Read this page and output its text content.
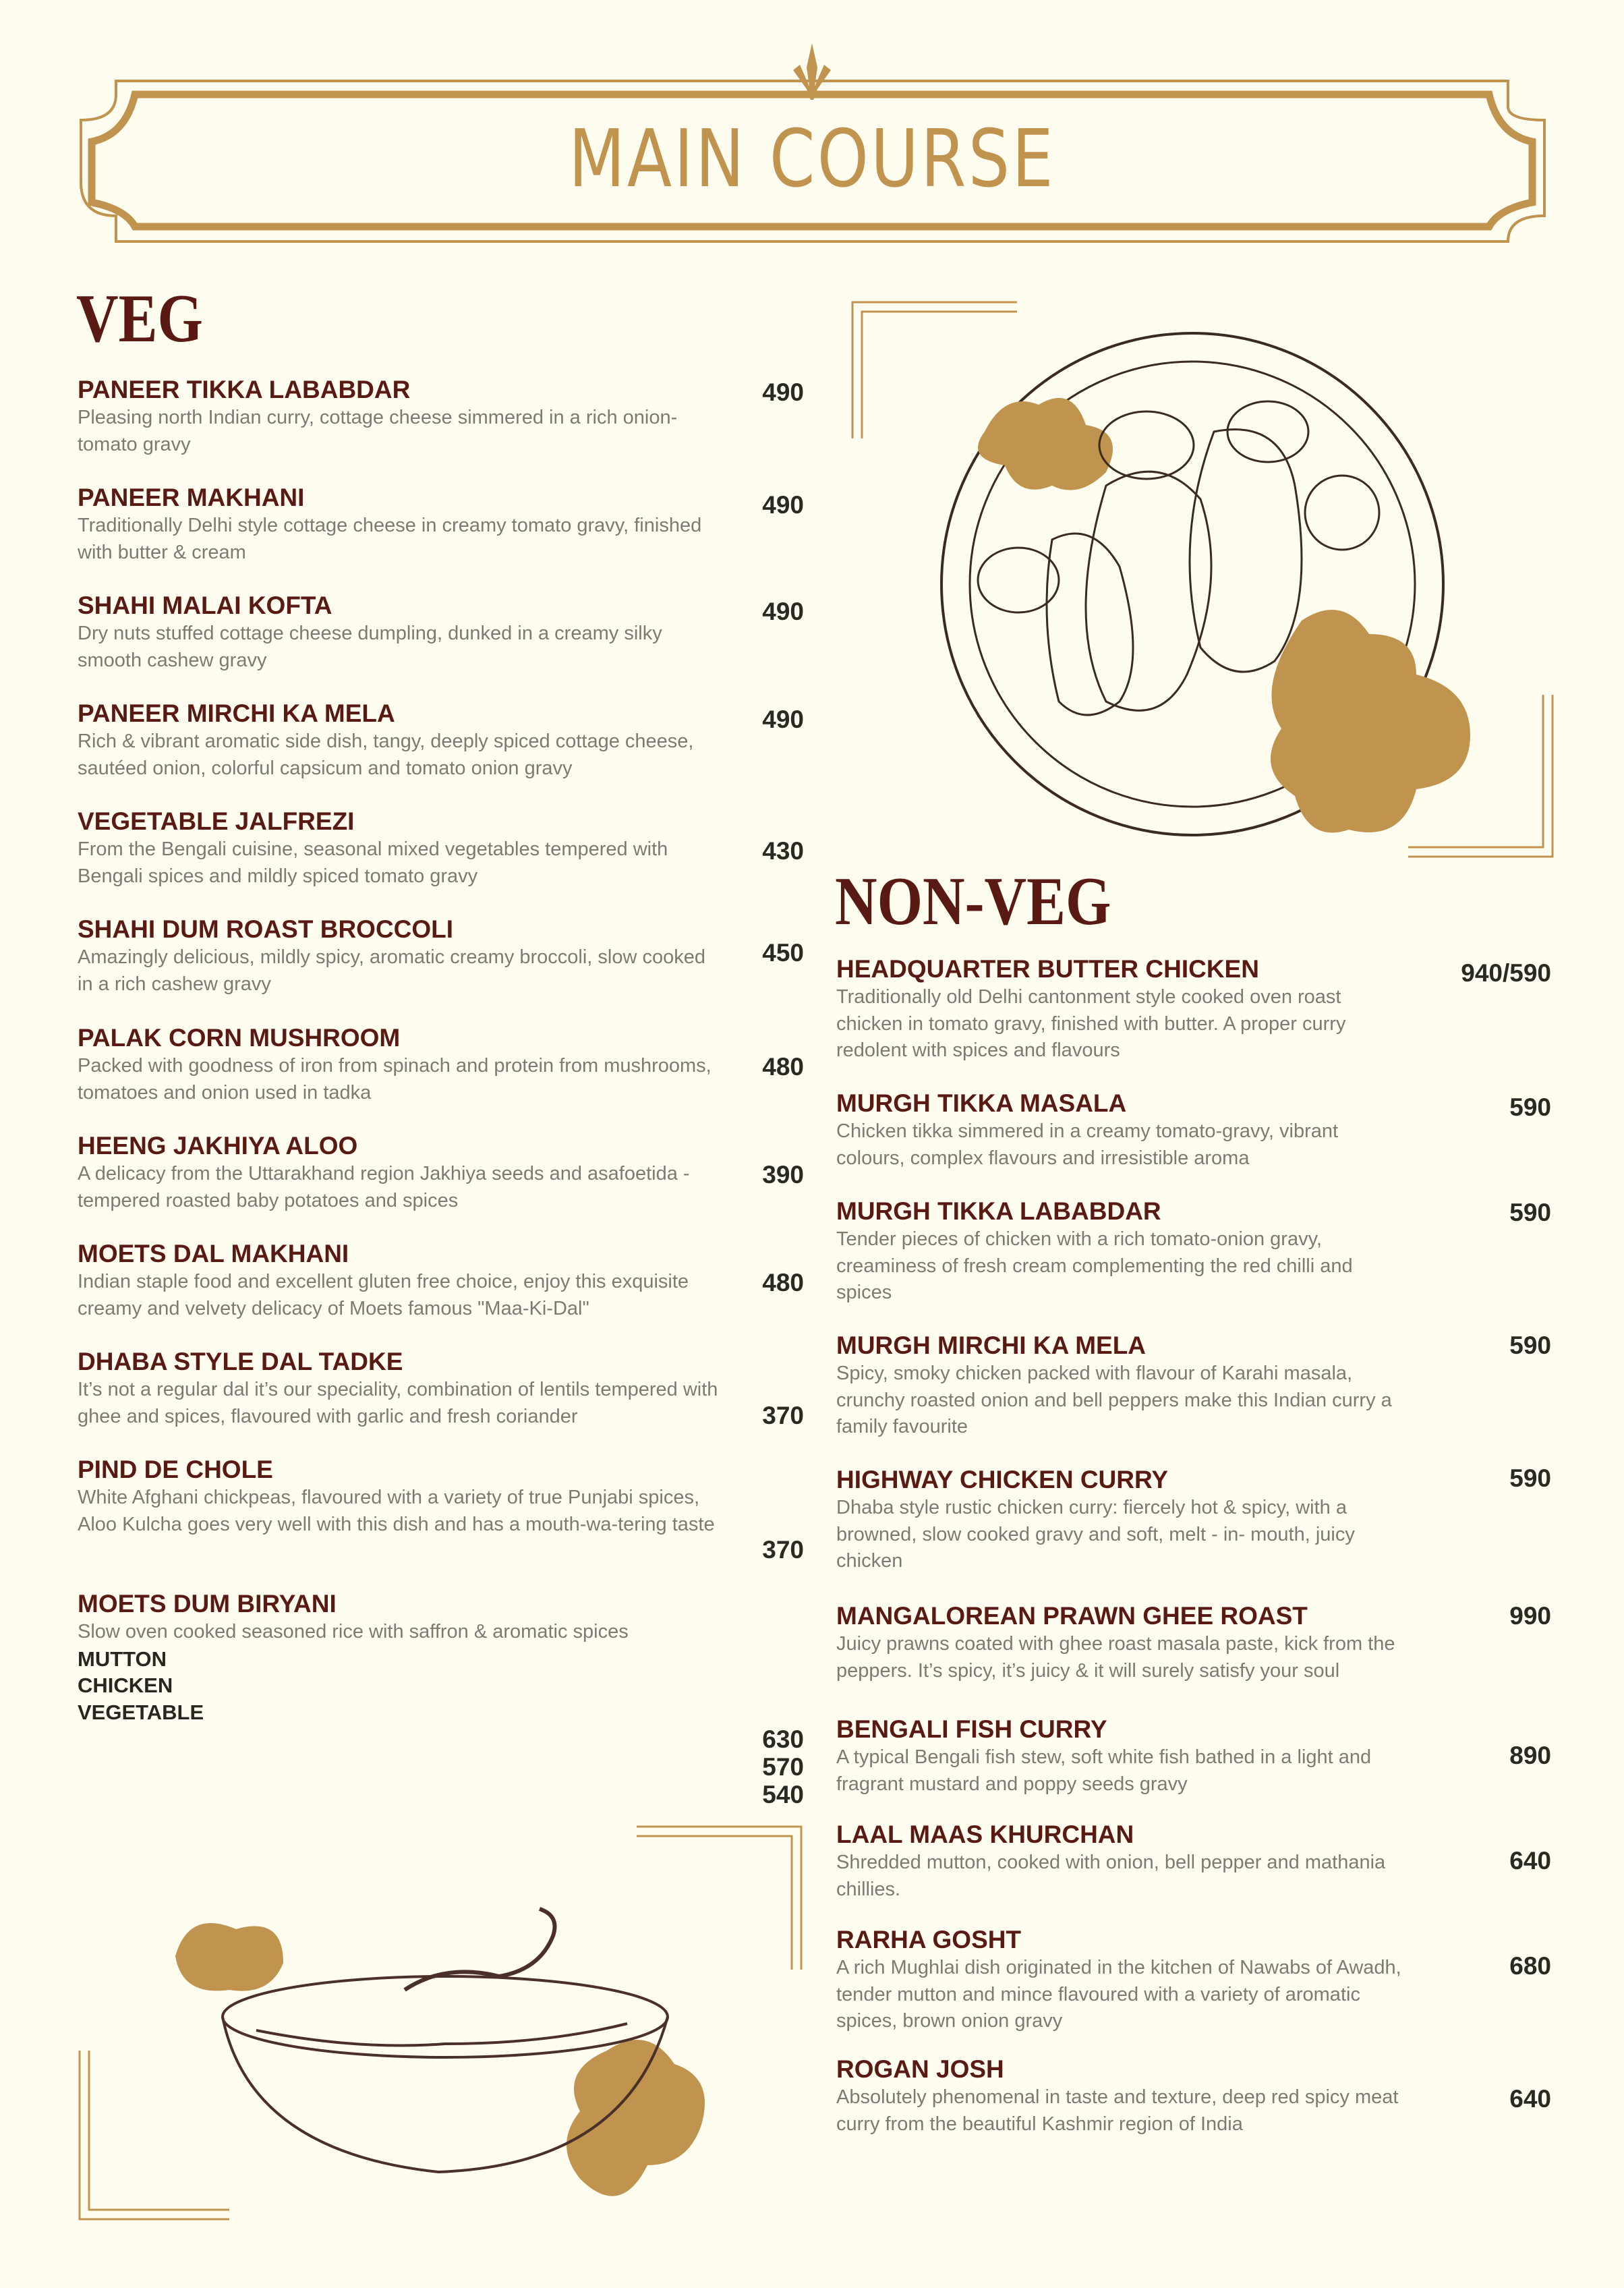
MAIN COURSE
VEG
NON-VEG
PANEER TIKKA LABABDAR
Pleasing north Indian curry, cottage cheese simmered in a rich onion-tomato gravy
490
PANEER MAKHANI
Traditionally Delhi style cottage cheese in creamy tomato gravy, finished with butter & cream
490
SHAHI MALAI KOFTA
Dry nuts stuffed cottage cheese dumpling, dunked in a creamy silky smooth cashew gravy
490
PANEER MIRCHI KA MELA
Rich & vibrant aromatic side dish, tangy, deeply spiced cottage cheese, sautéed onion, colorful capsicum and tomato onion gravy
490
VEGETABLE JALFREZI
From the Bengali cuisine, seasonal mixed vegetables tempered with Bengali spices and mildly spiced tomato gravy
430
SHAHI DUM ROAST BROCCOLI
Amazingly delicious, mildly spicy, aromatic creamy broccoli, slow cooked in a rich cashew gravy
450
PALAK CORN MUSHROOM
Packed with goodness of iron from spinach and protein from mushrooms, tomatoes and onion used in tadka
480
HEENG JAKHIYA ALOO
A delicacy from the Uttarakhand region Jakhiya seeds and asafoetida - tempered roasted baby potatoes and spices
390
MOETS DAL MAKHANI
Indian staple food and excellent gluten free choice, enjoy this exquisite creamy and velvety delicacy of Moets famous "Maa-Ki-Dal"
480
DHABA STYLE DAL TADKE
It’s not a regular dal it’s our speciality, combination of lentils tempered with ghee and spices, flavoured with garlic and fresh coriander	370
PIND DE CHOLE
White Afghani chickpeas, flavoured with a variety of true Punjabi spices, Aloo Kulcha goes very well with this dish and has a mouth-wa-tering taste
370
MOETS DUM BIRYANI
Slow oven cooked seasoned rice with saffron & aromatic spices
MUTTON
CHICKEN
VEGETABLE
630
570
540
HEADQUARTER BUTTER CHICKEN
Traditionally old Delhi cantonment style cooked oven roast chicken in tomato gravy, finished with butter. A proper curry redolent with spices and flavours
940/590
MURGH TIKKA MASALA
Chicken tikka simmered in a creamy tomato-gravy, vibrant colours, complex flavours and irresistible aroma
590
MURGH TIKKA LABABDAR
Tender pieces of chicken with a rich tomato-onion gravy, creaminess of fresh cream complementing the red chilli and spices
590
MURGH MIRCHI KA MELA
Spicy, smoky chicken packed with flavour of Karahi masala, crunchy roasted onion and bell peppers make this Indian curry a family favourite
590
HIGHWAY CHICKEN CURRY
Dhaba style rustic chicken curry: fiercely hot & spicy, with a browned, slow cooked gravy and soft, melt - in- mouth, juicy chicken
590
MANGALOREAN PRAWN GHEE ROAST
Juicy prawns coated with ghee roast masala paste, kick from the peppers. It’s spicy, it’s juicy & it will surely satisfy your soul
990
BENGALI FISH CURRY
A typical Bengali fish stew, soft white fish bathed in a light and fragrant mustard and poppy seeds gravy
890
LAAL MAAS KHURCHAN
Shredded mutton, cooked with onion, bell pepper and mathania chillies.
640
RARHA GOSHT
A rich Mughlai dish originated in the kitchen of Nawabs of Awadh, tender mutton and mince flavoured with a variety of aromatic spices, brown onion gravy
680
ROGAN JOSH
Absolutely phenomenal in taste and texture, deep red spicy meat curry from the beautiful Kashmir region of India
640
